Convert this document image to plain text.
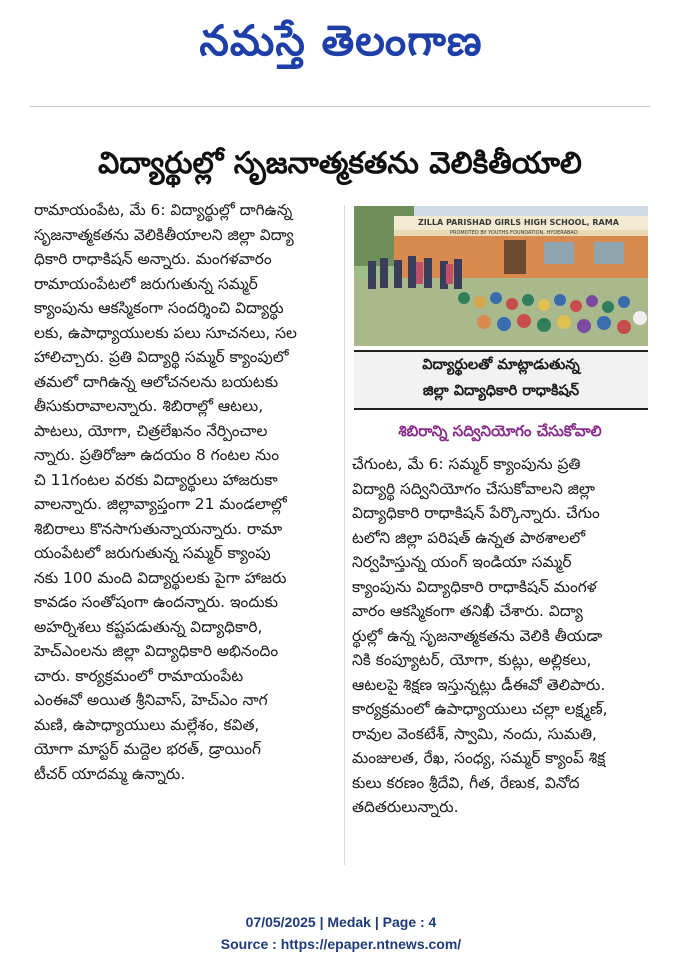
నమస్తే తెలంగాణ
విద్యార్థుల్లో సృజనాత్మకతను వెలికితీయాలి
రామాయంపేట, మే 6: విద్యార్థుల్లో దాగిఉన్న
సృజనాత్మకతను వెలికితీయాలని జిల్లా విద్యా
ధికారి రాధాకిషన్ అన్నారు. మంగళవారం
రామాయంపేటలో జరుగుతున్న సమ్మర్
క్యాంపును ఆకస్మికంగా సందర్శించి విద్యార్థు
లకు, ఉపాధ్యాయులకు పలు సూచనలు, సల
హాలిచ్చారు. ప్రతి విద్యార్థి సమ్మర్ క్యాంపులో
తమలో దాగిఉన్న ఆలోచనలను బయటకు
తీసుకురావాలన్నారు. శిబిరాల్లో ఆటలు,
పాటలు, యోగా, చిత్రలేఖనం నేర్పించాల
న్నారు. ప్రతిరోజూ ఉదయం 8 గంటల నుం
చి 11గంటల వరకు విద్యార్థులు హాజరుకా
వాలన్నారు. జిల్లావ్యాప్తంగా 21 మండలాల్లో
శిబిరాలు కొనసాగుతున్నాయన్నారు. రామా
యంపేటలో జరుగుతున్న సమ్మర్ క్యాంపు
నకు 100 మంది విద్యార్థులకు పైగా హాజరు
కావడం సంతోషంగా ఉందన్నారు. ఇందుకు
అహర్నిశలు కష్టపడుతున్న విద్యాధికారి,
హెచ్ఎంలను జిల్లా విద్యాధికారి అభినందిం
చారు. కార్యక్రమంలో రామాయంపేట
ఎంఈవో అయిత శ్రీనివాస్, హెచ్ఎం నాగ
మణి, ఉపాధ్యాయులు మల్లేశం, కవిత,
యోగా మాస్టర్ మద్దెల భరత్, డ్రాయింగ్
టీచర్ యాదమ్మ ఉన్నారు.
ZILLA PARISHAD GIRLS HIGH SCHOOL, RAMA
PROMOTED BY YOUTHS FOUNDATION, HYDERABAD
విద్యార్థులతో మాట్లాడుతున్న
జిల్లా విద్యాధికారి రాధాకిషన్
శిబిరాన్ని సద్వినియోగం చేసుకోవాలి
చేగుంట, మే 6: సమ్మర్ క్యాంపును ప్రతి
విద్యార్థి సద్వినియోగం చేసుకోవాలని జిల్లా
విద్యాధికారి రాధాకిషన్ పేర్కొన్నారు. చేగుం
టలోని జిల్లా పరిషత్ ఉన్నత పాఠశాలలో
నిర్వహిస్తున్న యంగ్ ఇండియా సమ్మర్
క్యాంపును విద్యాధికారి రాధాకిషన్ మంగళ
వారం ఆకస్మికంగా తనిఖీ చేశారు. విద్యా
ర్థుల్లో ఉన్న సృజనాత్మకతను వెలికి తీయడా
నికి కంప్యూటర్, యోగా, కుట్లు, అల్లికలు,
ఆటలపై శిక్షణ ఇస్తున్నట్లు డీఈవో తెలిపారు.
కార్యక్రమంలో ఉపాధ్యాయులు చల్లా లక్ష్మణ్,
రావుల వెంకటేశ్, స్వామి, నందు, సుమతి,
మంజులత, రేఖ, సంధ్య, సమ్మర్ క్యాంప్ శిక్ష
కులు కరణం శ్రీదేవి, గీత, రేణుక, వినోద
తదితరులున్నారు.
07/05/2025 | Medak | Page : 4
Source : https://epaper.ntnews.com/
